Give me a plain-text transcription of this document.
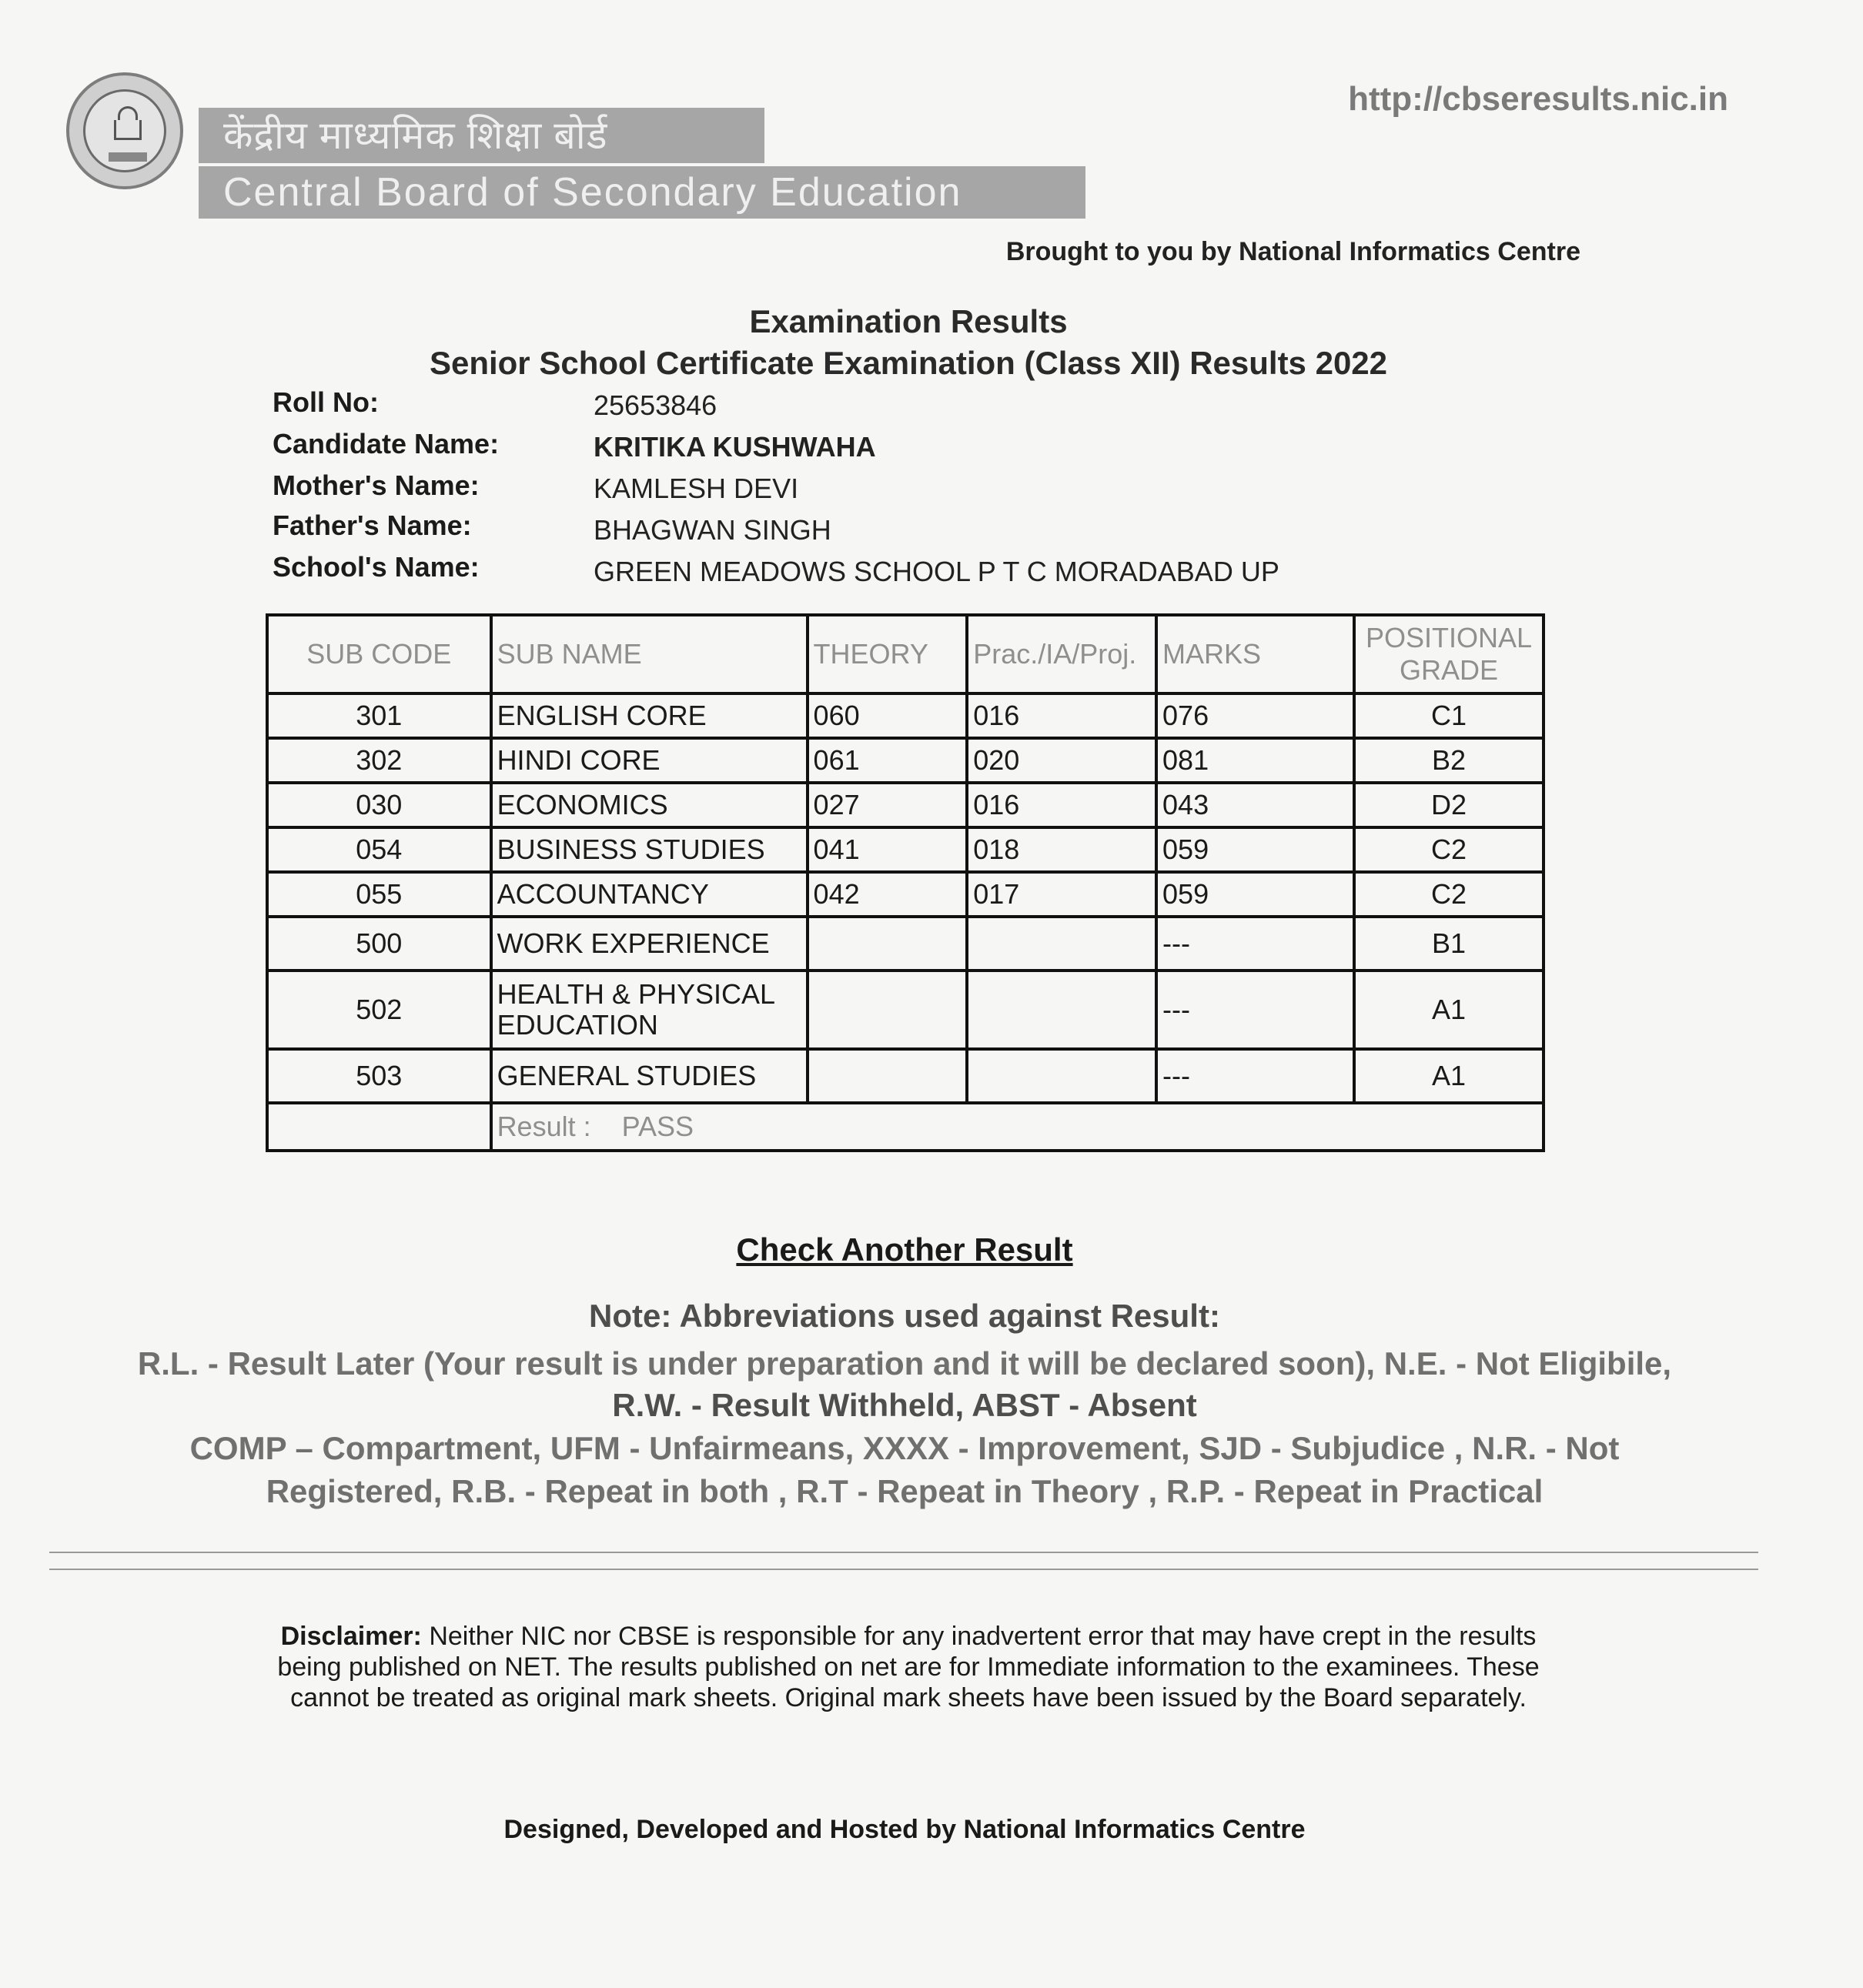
केंद्रीय माध्यमिक शिक्षा बोर्ड
Central Board of Secondary Education
http://cbseresults.nic.in
Brought to you by National Informatics Centre
Examination Results
Senior School Certificate Examination (Class XII) Results 2022
Roll No:	25653846
Candidate Name:	KRITIKA KUSHWAHA
Mother's Name:	KAMLESH DEVI
Father's Name:	BHAGWAN SINGH
School's Name:	GREEN MEADOWS SCHOOL P T C MORADABAD UP
SUB CODE	SUB NAME	THEORY	Prac./IA/Proj.	MARKS	POSITIONAL
GRADE

301	ENGLISH CORE	060	016	076	C1
302	HINDI CORE	061	020	081	B2
030	ECONOMICS	027	016	043	D2
054	BUSINESS STUDIES	041	018	059	C2
055	ACCOUNTANCY	042	017	059	C2
500	WORK EXPERIENCE			---	B1
502	HEALTH & PHYSICAL EDUCATION			---	A1
503	GENERAL STUDIES			---	A1
	Result : PASS				
Check Another Result
Note: Abbreviations used against Result:
R.L. - Result Later (Your result is under preparation and it will be declared soon), N.E. - Not Eligibile,
R.W. - Result Withheld, ABST - Absent
COMP – Compartment, UFM - Unfairmeans, XXXX - Improvement, SJD - Subjudice , N.R. - Not
Registered, R.B. - Repeat in both , R.T - Repeat in Theory , R.P. - Repeat in Practical
Disclaimer: Neither NIC nor CBSE is responsible for any inadvertent error that may have crept in the results being published on NET. The results published on net are for Immediate information to the examinees. These cannot be treated as original mark sheets. Original mark sheets have been issued by the Board separately.
Designed, Developed and Hosted by National Informatics Centre
